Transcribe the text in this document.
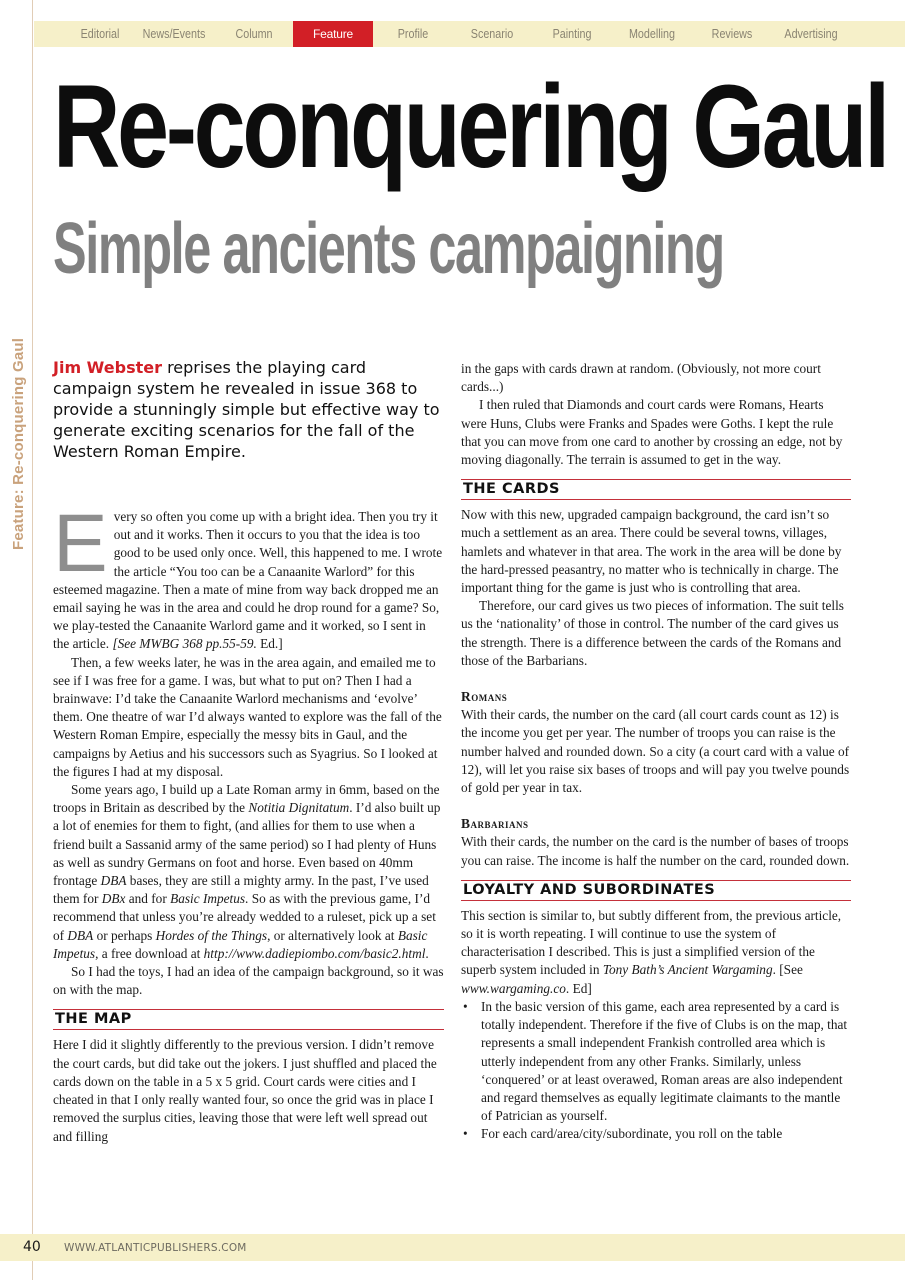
Editorial	News/Events	Column	Feature	Profile	Scenario	Painting	Modelling	Reviews	Advertising
Feature: Re-conquering Gaul
Re-conquering Gaul
Simple ancients campaigning
Jim Webster reprises the playing card campaign system he revealed in issue 368 to provide a stunningly simple but effective way to generate exciting scenarios for the fall of the Western Roman Empire.

Every so often you come up with a bright idea. Then you try it out and it works. Then it occurs to you that the idea is too good to be used only once. Well, this happened to me. I wrote the article “You too can be a Canaanite Warlord” for this esteemed magazine. Then a mate of mine from way back dropped me an email saying he was in the area and could he drop round for a game? So, we play-tested the Canaanite Warlord game and it worked, so I sent in the article. [See MWBG 368 pp.55-59. Ed.]

Then, a few weeks later, he was in the area again, and emailed me to see if I was free for a game. I was, but what to put on? Then I had a brainwave: I’d take the Canaanite Warlord mechanisms and ‘evolve’ them. One theatre of war I’d always wanted to explore was the fall of the Western Roman Empire, especially the messy bits in Gaul, and the campaigns by Aetius and his successors such as Syagrius. So I looked at the figures I had at my disposal.

Some years ago, I build up a Late Roman army in 6mm, based on the troops in Britain as described by the Notitia Dignitatum. I’d also built up a lot of enemies for them to fight, (and allies for them to use when a friend built a Sassanid army of the same period) so I had plenty of Huns as well as sundry Germans on foot and horse. Even based on 40mm frontage DBA bases, they are still a mighty army. In the past, I’ve used them for DBx and for Basic Impetus. So as with the previous game, I’d recommend that unless you’re already wedded to a ruleset, pick up a set of DBA or perhaps Hordes of the Things, or alternatively look at Basic Impetus, a free download at http://www.dadiepiombo.com/basic2.html.

So I had the toys, I had an idea of the campaign background, so it was on with the map.

THE MAP

Here I did it slightly differently to the previous version. I didn’t remove the court cards, but did take out the jokers. I just shuffled and placed the cards down on the table in a 5 x 5 grid. Court cards were cities and I cheated in that I only really wanted four, so once the grid was in place I removed the surplus cities, leaving those that were left well spread out and filling

in the gaps with cards drawn at random. (Obviously, not more court cards...)

I then ruled that Diamonds and court cards were Romans, Hearts were Huns, Clubs were Franks and Spades were Goths. I kept the rule that you can move from one card to another by crossing an edge, not by moving diagonally. The terrain is assumed to get in the way.

THE CARDS

Now with this new, upgraded campaign background, the card isn’t so much a settlement as an area. There could be several towns, villages, hamlets and whatever in that area. The work in the area will be done by the hard-pressed peasantry, no matter who is technically in charge. The important thing for the game is just who is controlling that area.

Therefore, our card gives us two pieces of information. The suit tells us the ‘nationality’ of those in control. The number of the card gives us the strength. There is a difference between the cards of the Romans and those of the Barbarians.

Romans

With their cards, the number on the card (all court cards count as 12) is the income you get per year. The number of troops you can raise is the number halved and rounded down. So a city (a court card with a value of 12), will let you raise six bases of troops and will pay you twelve pounds of gold per year in tax.

Barbarians

With their cards, the number on the card is the number of bases of troops you can raise. The income is half the number on the card, rounded down.

LOYALTY AND SUBORDINATES

This section is similar to, but subtly different from, the previous article, so it is worth repeating. I will continue to use the system of characterisation I described. This is just a simplified version of the superb system included in Tony Bath’s Ancient Wargaming. [See www.wargaming.co. Ed]

• In the basic version of this game, each area represented by a card is totally independent. Therefore if the five of Clubs is on the map, that represents a small independent Frankish controlled area which is utterly independent from any other Franks. Similarly, unless ‘conquered’ or at least overawed, Roman areas are also independent and regard themselves as equally legitimate claimants to the mantle of Patrician as yourself.
• For each card/area/city/subordinate, you roll on the table
40 WWW.ATLANTICPUBLISHERS.COM
